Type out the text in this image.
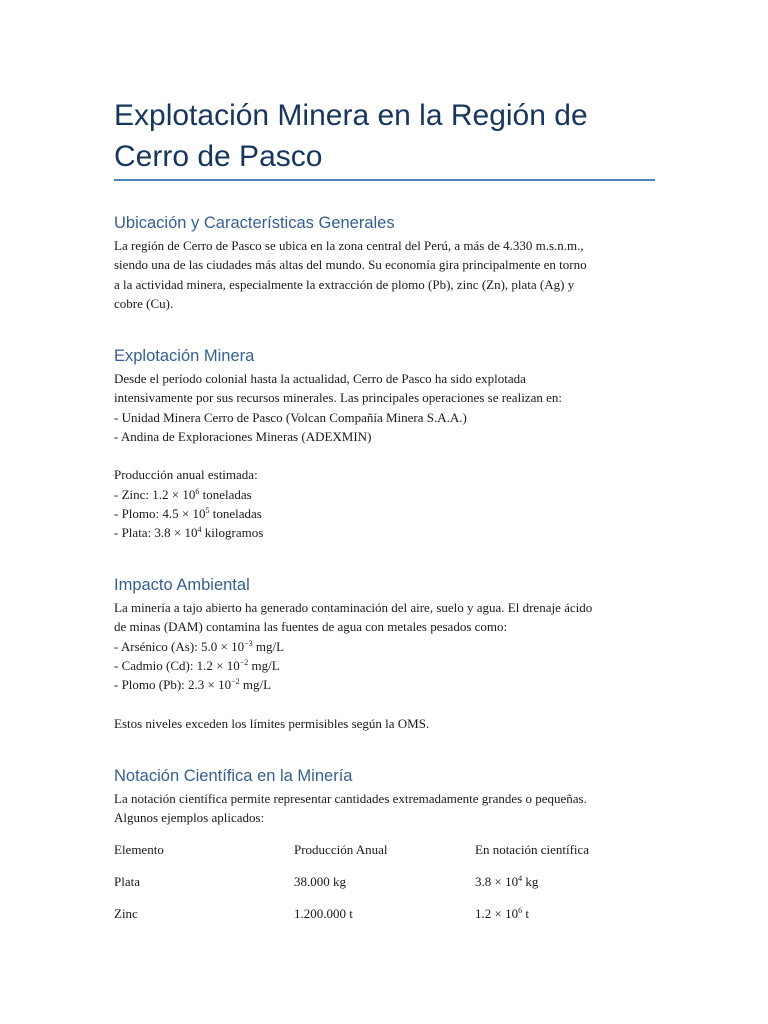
Explotación Minera en la Región de
Cerro de Pasco
Ubicación y Características Generales
La región de Cerro de Pasco se ubica en la zona central del Perú, a más de 4.330 m.s.n.m.,
siendo una de las ciudades más altas del mundo. Su economía gira principalmente en torno
a la actividad minera, especialmente la extracción de plomo (Pb), zinc (Zn), plata (Ag) y
cobre (Cu).
Explotación Minera
Desde el período colonial hasta la actualidad, Cerro de Pasco ha sido explotada
intensivamente por sus recursos minerales. Las principales operaciones se realizan en:
- Unidad Minera Cerro de Pasco (Volcan Compañía Minera S.A.A.)
- Andina de Exploraciones Mineras (ADEXMIN)
Producción anual estimada:
- Zinc: $1.2 \times 10^6$ toneladas
- Plomo: $4.5 \times 10^5$ toneladas
- Plata: $3.8 \times 10^4$ kilogramos
Impacto Ambiental
La minería a tajo abierto ha generado contaminación del aire, suelo y agua. El drenaje ácido
de minas (DAM) contamina las fuentes de agua con metales pesados como:
- Arsénico (As): $5.0 \times 10^{-3}$ mg/L
- Cadmio (Cd): $1.2 \times 10^{-2}$ mg/L
- Plomo (Pb): $2.3 \times 10^{-2}$ mg/L
Estos niveles exceden los límites permisibles según la OMS.
Notación Científica en la Minería
La notación científica permite representar cantidades extremadamente grandes o pequeñas.
Algunos ejemplos aplicados:
Elemento	Producción Anual	En notación científica
Plata	38.000 kg	$3.8 \times 10^4$ kg
Zinc	1.200.000 t	$1.2 \times 10^6$ t
